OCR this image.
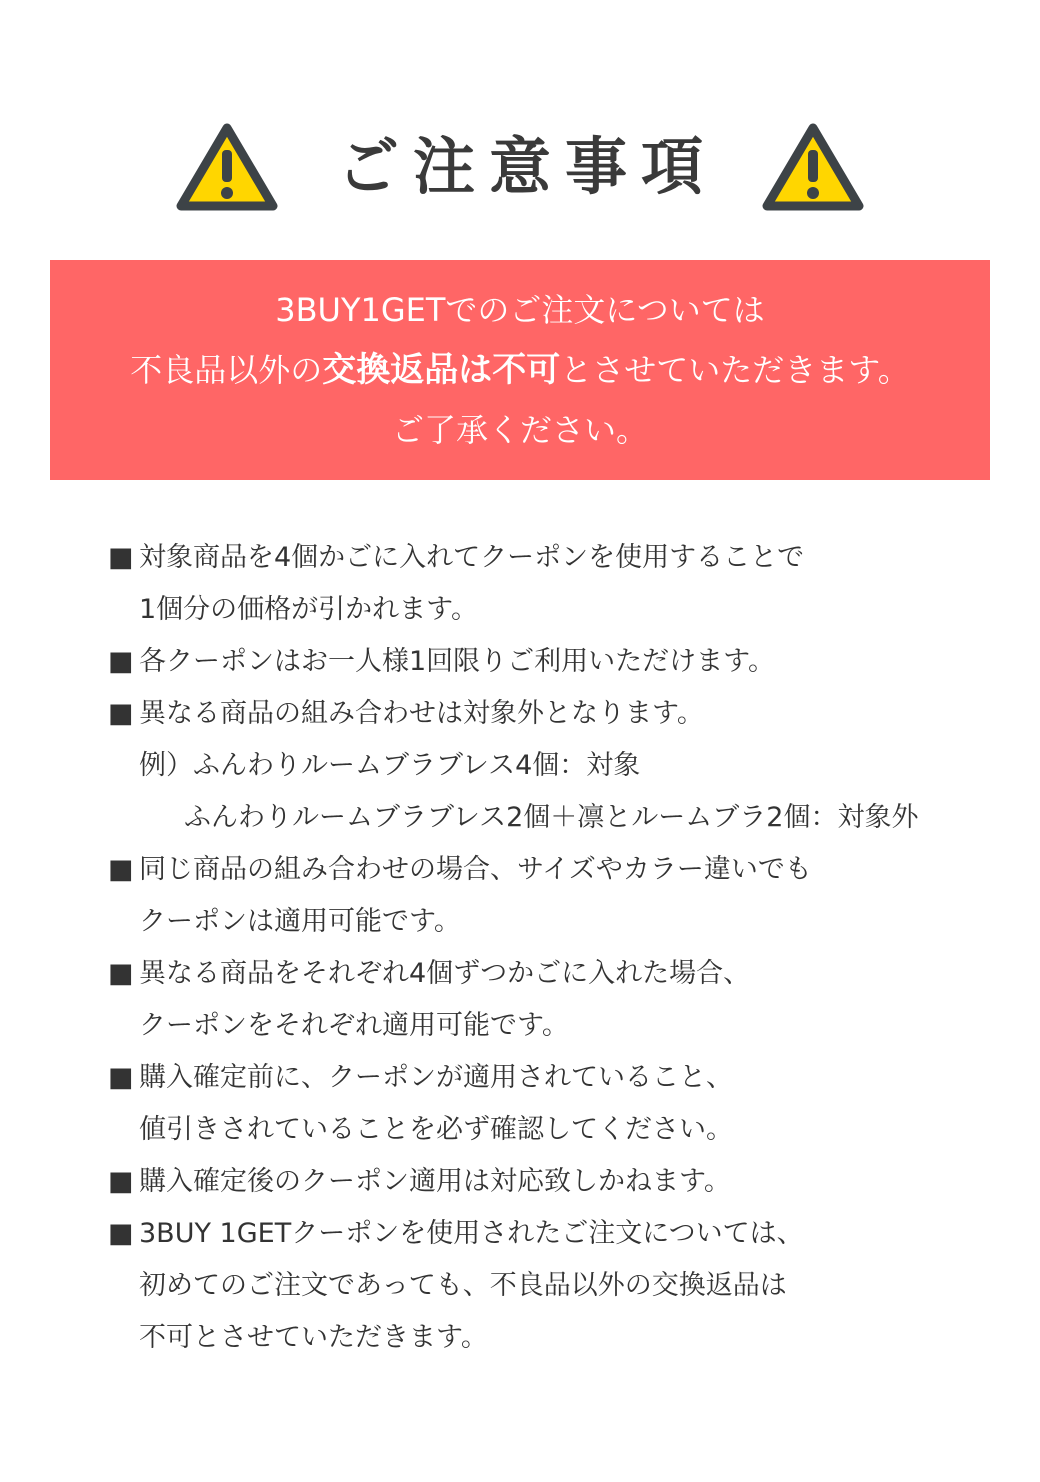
ご注意事項
3BUY1GETでのご注文については
不良品以外の交換返品は不可とさせていただきます。
ご了承ください。
■ 対象商品を4個かごに入れてクーポンを使用することで
1個分の価格が引かれます。
■ 各クーポンはお一人様1回限りご利用いただけます。
■ 異なる商品の組み合わせは対象外となります。
例）ふんわりルームブラブレス4個：対象
ふんわりルームブラブレス2個＋凛とルームブラ2個：対象外
■ 同じ商品の組み合わせの場合、サイズやカラー違いでも
クーポンは適用可能です。
■ 異なる商品をそれぞれ4個ずつかごに入れた場合、
クーポンをそれぞれ適用可能です。
■ 購入確定前に、クーポンが適用されていること、
値引きされていることを必ず確認してください。
■ 購入確定後のクーポン適用は対応致しかねます。
■ 3BUY 1GETクーポンを使用されたご注文については、
初めてのご注文であっても、不良品以外の交換返品は
不可とさせていただきます。
